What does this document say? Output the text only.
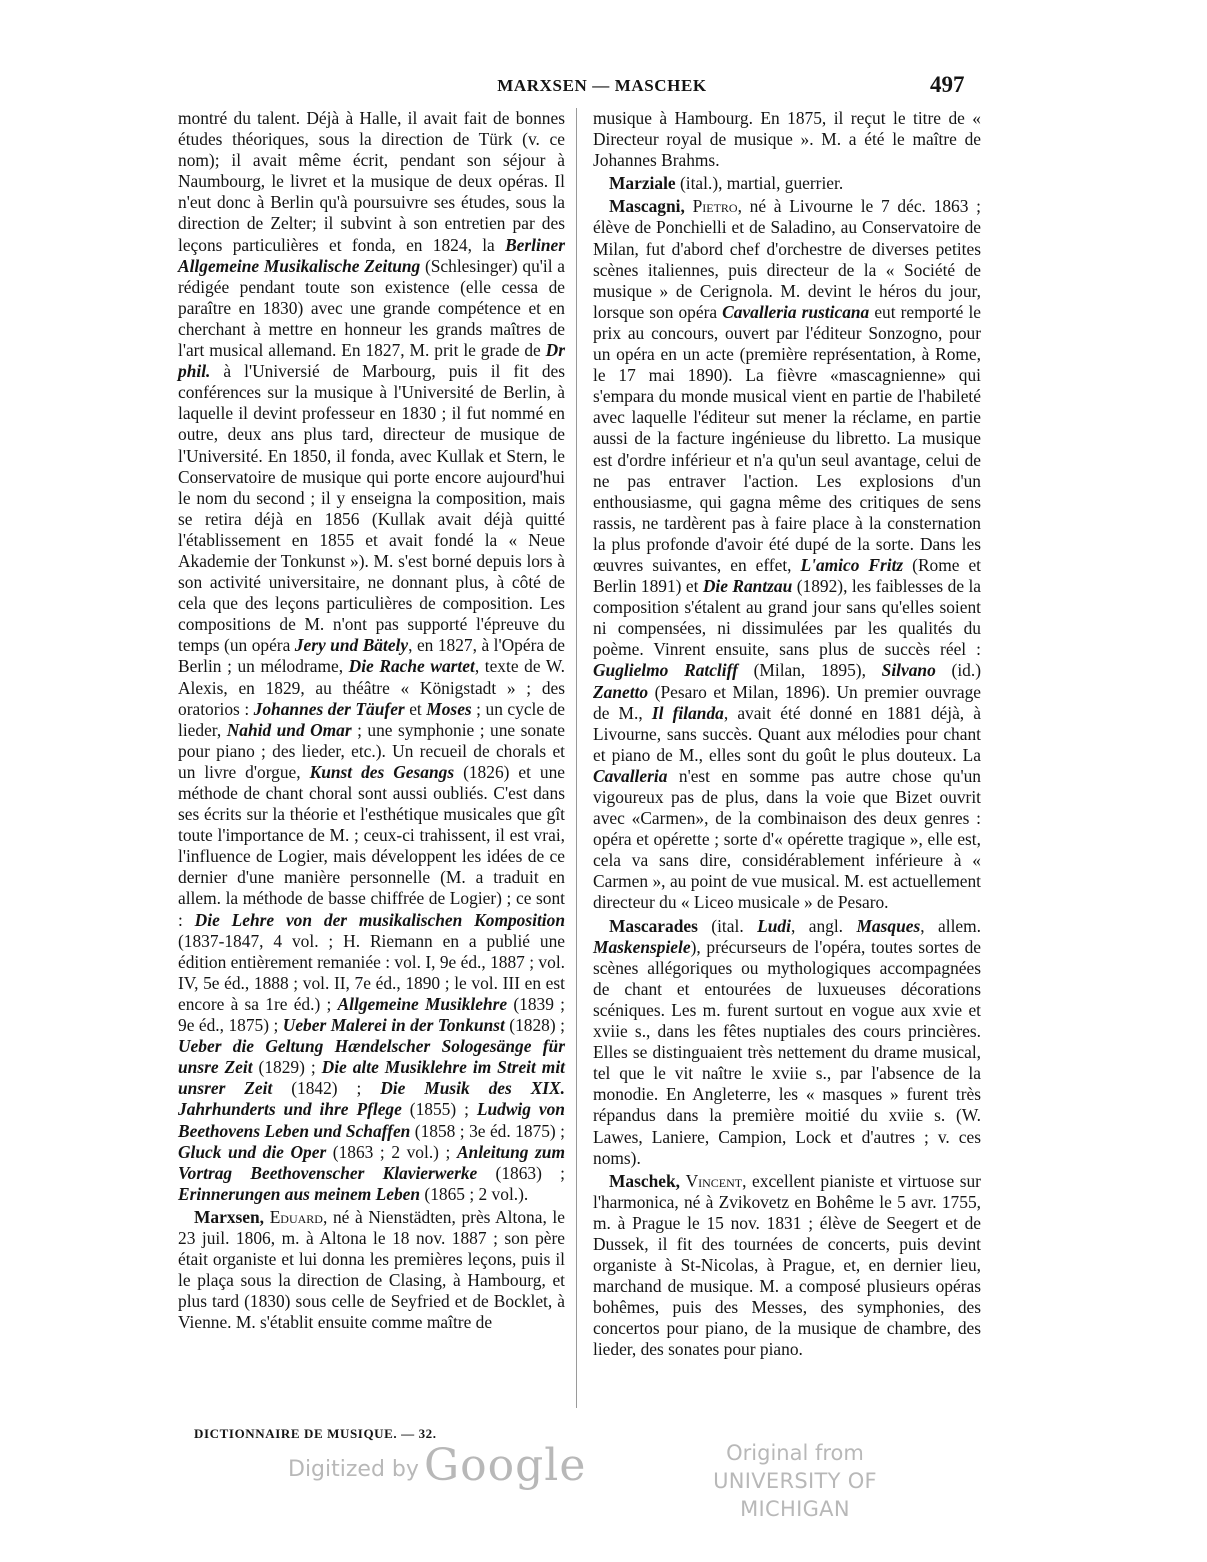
MARXSEN — MASCHEK	497

montré du talent. Déjà à Halle, il avait fait de bonnes études théoriques, sous la direction de Türk (v. ce nom); il avait même écrit, pendant son séjour à Naumbourg, le livret et la musique de deux opéras. Il n'eut donc à Berlin qu'à poursuivre ses études, sous la direction de Zelter; il subvint à son entretien par des leçons particulières et fonda, en 1824, la Berliner Allgemeine Musikalische Zeitung (Schlesinger) qu'il a rédigée pendant toute son existence (elle cessa de paraître en 1830) avec une grande compétence et en cherchant à mettre en honneur les grands maîtres de l'art musical allemand. En 1827, M. prit le grade de Dr phil. à l'Universié de Marbourg, puis il fit des conférences sur la musique à l'Université de Berlin, à laquelle il devint professeur en 1830 ; il fut nommé en outre, deux ans plus tard, directeur de musique de l'Université. En 1850, il fonda, avec Kullak et Stern, le Conservatoire de musique qui porte encore aujourd'hui le nom du second ; il y enseigna la composition, mais se retira déjà en 1856 (Kullak avait déjà quitté l'établissement en 1855 et avait fondé la « Neue Akademie der Tonkunst »). M. s'est borné depuis lors à son activité universitaire, ne donnant plus, à côté de cela que des leçons particulières de composition. Les compositions de M. n'ont pas supporté l'épreuve du temps (un opéra Jery und Bätely, en 1827, à l'Opéra de Berlin ; un mélodrame, Die Rache wartet, texte de W. Alexis, en 1829, au théâtre « Königstadt » ; des oratorios : Johannes der Täufer et Moses ; un cycle de lieder, Nahid und Omar ; une symphonie ; une sonate pour piano ; des lieder, etc.). Un recueil de chorals et un livre d'orgue, Kunst des Gesangs (1826) et une méthode de chant choral sont aussi oubliés. C'est dans ses écrits sur la théorie et l'esthétique musicales que gît toute l'importance de M. ; ceux-ci trahissent, il est vrai, l'influence de Logier, mais développent les idées de ce dernier d'une manière personnelle (M. a traduit en allem. la méthode de basse chiffrée de Logier) ; ce sont : Die Lehre von der musikalischen Komposition (1837-1847, 4 vol. ; H. Riemann en a publié une édition entièrement remaniée : vol. I, 9e éd., 1887 ; vol. IV, 5e éd., 1888 ; vol. II, 7e éd., 1890 ; le vol. III en est encore à sa 1re éd.) ; Allgemeine Musiklehre (1839 ; 9e éd., 1875) ; Ueber Malerei in der Tonkunst (1828) ; Ueber die Geltung Hændelscher Sologesänge für unsre Zeit (1829) ; Die alte Musiklehre im Streit mit unsrer Zeit (1842) ; Die Musik des XIX. Jahrhunderts und ihre Pflege (1855) ; Ludwig von Beethovens Leben und Schaffen (1858 ; 3e éd. 1875) ; Gluck und die Oper (1863 ; 2 vol.) ; Anleitung zum Vortrag Beethovenscher Klavierwerke (1863) ; Erinnerungen aus meinem Leben (1865 ; 2 vol.).

Marxsen, Eduard, né à Nienstädten, près Altona, le 23 juil. 1806, m. à Altona le 18 nov. 1887 ; son père était organiste et lui donna les premières leçons, puis il le plaça sous la direction de Clasing, à Hambourg, et plus tard (1830) sous celle de Seyfried et de Bocklet, à Vienne. M. s'établit ensuite comme maître de

musique à Hambourg. En 1875, il reçut le titre de « Directeur royal de musique ». M. a été le maître de Johannes Brahms.

Marziale (ital.), martial, guerrier.

Mascagni, Pietro, né à Livourne le 7 déc. 1863 ; élève de Ponchielli et de Saladino, au Conservatoire de Milan, fut d'abord chef d'orchestre de diverses petites scènes italiennes, puis directeur de la « Société de musique » de Cerignola. M. devint le héros du jour, lorsque son opéra Cavalleria rusticana eut remporté le prix au concours, ouvert par l'éditeur Sonzogno, pour un opéra en un acte (première représentation, à Rome, le 17 mai 1890). La fièvre «mascagnienne» qui s'empara du monde musical vient en partie de l'habileté avec laquelle l'éditeur sut mener la réclame, en partie aussi de la facture ingénieuse du libretto. La musique est d'ordre inférieur et n'a qu'un seul avantage, celui de ne pas entraver l'action. Les explosions d'un enthousiasme, qui gagna même des critiques de sens rassis, ne tardèrent pas à faire place à la consternation la plus profonde d'avoir été dupé de la sorte. Dans les œuvres suivantes, en effet, L'amico Fritz (Rome et Berlin 1891) et Die Rantzau (1892), les faiblesses de la composition s'étalent au grand jour sans qu'elles soient ni compensées, ni dissimulées par les qualités du poème. Vinrent ensuite, sans plus de succès réel : Guglielmo Ratcliff (Milan, 1895), Silvano (id.) Zanetto (Pesaro et Milan, 1896). Un premier ouvrage de M., Il filanda, avait été donné en 1881 déjà, à Livourne, sans succès. Quant aux mélodies pour chant et piano de M., elles sont du goût le plus douteux. La Cavalleria n'est en somme pas autre chose qu'un vigoureux pas de plus, dans la voie que Bizet ouvrit avec «Carmen», de la combinaison des deux genres : opéra et opérette ; sorte d'« opérette tragique », elle est, cela va sans dire, considérablement inférieure à « Carmen », au point de vue musical. M. est actuellement directeur du « Liceo musicale » de Pesaro.

Mascarades (ital. Ludi, angl. Masques, allem. Maskenspiele), précurseurs de l'opéra, toutes sortes de scènes allégoriques ou mythologiques accompagnées de chant et entourées de luxueuses décorations scéniques. Les m. furent surtout en vogue aux xvie et xviie s., dans les fêtes nuptiales des cours princières. Elles se distinguaient très nettement du drame musical, tel que le vit naître le xviie s., par l'absence de la monodie. En Angleterre, les « masques » furent très répandus dans la première moitié du xviie s. (W. Lawes, Laniere, Campion, Lock et d'autres ; v. ces noms).

Maschek, Vincent, excellent pianiste et virtuose sur l'harmonica, né à Zvikovetz en Bohême le 5 avr. 1755, m. à Prague le 15 nov. 1831 ; élève de Seegert et de Dussek, il fit des tournées de concerts, puis devint organiste à St-Nicolas, à Prague, et, en dernier lieu, marchand de musique. M. a composé plusieurs opéras bohêmes, puis des Messes, des symphonies, des concertos pour piano, de la musique de chambre, des lieder, des sonates pour piano.

DICTIONNAIRE DE MUSIQUE. — 32.
Digitized by Google	Original from
UNIVERSITY OF MICHIGAN
